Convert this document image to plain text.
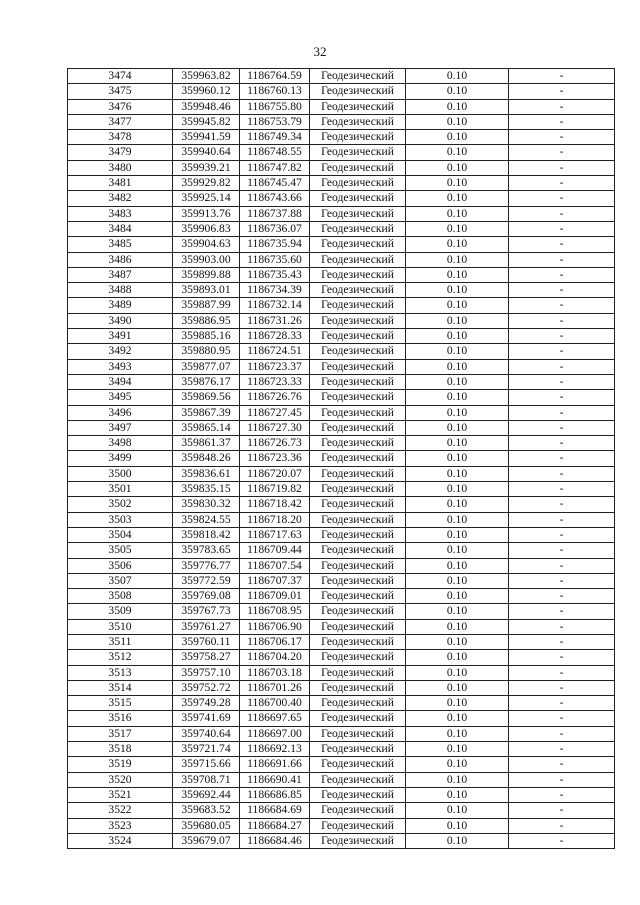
32
3474	359963.82	1186764.59	Геодезический	0.10	-
3475	359960.12	1186760.13	Геодезический	0.10	-
3476	359948.46	1186755.80	Геодезический	0.10	-
3477	359945.82	1186753.79	Геодезический	0.10	-
3478	359941.59	1186749.34	Геодезический	0.10	-
3479	359940.64	1186748.55	Геодезический	0.10	-
3480	359939.21	1186747.82	Геодезический	0.10	-
3481	359929.82	1186745.47	Геодезический	0.10	-
3482	359925.14	1186743.66	Геодезический	0.10	-
3483	359913.76	1186737.88	Геодезический	0.10	-
3484	359906.83	1186736.07	Геодезический	0.10	-
3485	359904.63	1186735.94	Геодезический	0.10	-
3486	359903.00	1186735.60	Геодезический	0.10	-
3487	359899.88	1186735.43	Геодезический	0.10	-
3488	359893.01	1186734.39	Геодезический	0.10	-
3489	359887.99	1186732.14	Геодезический	0.10	-
3490	359886.95	1186731.26	Геодезический	0.10	-
3491	359885.16	1186728.33	Геодезический	0.10	-
3492	359880.95	1186724.51	Геодезический	0.10	-
3493	359877.07	1186723.37	Геодезический	0.10	-
3494	359876.17	1186723.33	Геодезический	0.10	-
3495	359869.56	1186726.76	Геодезический	0.10	-
3496	359867.39	1186727.45	Геодезический	0.10	-
3497	359865.14	1186727.30	Геодезический	0.10	-
3498	359861.37	1186726.73	Геодезический	0.10	-
3499	359848.26	1186723.36	Геодезический	0.10	-
3500	359836.61	1186720.07	Геодезический	0.10	-
3501	359835.15	1186719.82	Геодезический	0.10	-
3502	359830.32	1186718.42	Геодезический	0.10	-
3503	359824.55	1186718.20	Геодезический	0.10	-
3504	359818.42	1186717.63	Геодезический	0.10	-
3505	359783.65	1186709.44	Геодезический	0.10	-
3506	359776.77	1186707.54	Геодезический	0.10	-
3507	359772.59	1186707.37	Геодезический	0.10	-
3508	359769.08	1186709.01	Геодезический	0.10	-
3509	359767.73	1186708.95	Геодезический	0.10	-
3510	359761.27	1186706.90	Геодезический	0.10	-
3511	359760.11	1186706.17	Геодезический	0.10	-
3512	359758.27	1186704.20	Геодезический	0.10	-
3513	359757.10	1186703.18	Геодезический	0.10	-
3514	359752.72	1186701.26	Геодезический	0.10	-
3515	359749.28	1186700.40	Геодезический	0.10	-
3516	359741.69	1186697.65	Геодезический	0.10	-
3517	359740.64	1186697.00	Геодезический	0.10	-
3518	359721.74	1186692.13	Геодезический	0.10	-
3519	359715.66	1186691.66	Геодезический	0.10	-
3520	359708.71	1186690.41	Геодезический	0.10	-
3521	359692.44	1186686.85	Геодезический	0.10	-
3522	359683.52	1186684.69	Геодезический	0.10	-
3523	359680.05	1186684.27	Геодезический	0.10	-
3524	359679.07	1186684.46	Геодезический	0.10	-
